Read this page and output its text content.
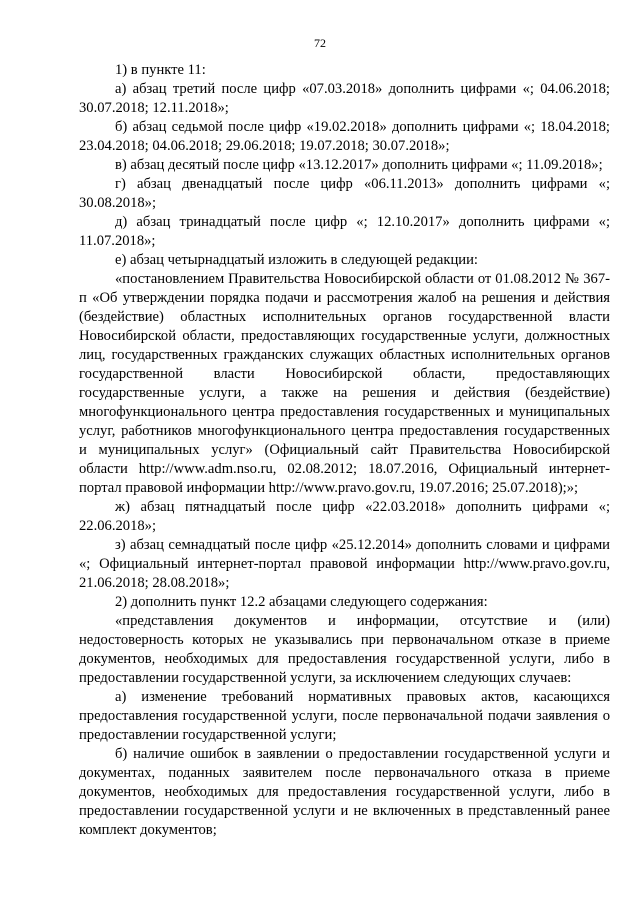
72

1) в пункте 11:

а) абзац третий после цифр «07.03.2018» дополнить цифрами «; 04.06.2018; 30.07.2018; 12.11.2018»;

б) абзац седьмой после цифр «19.02.2018» дополнить цифрами «; 18.04.2018; 23.04.2018; 04.06.2018; 29.06.2018; 19.07.2018; 30.07.2018»;

в) абзац десятый после цифр «13.12.2017» дополнить цифрами «; 11.09.2018»;

г) абзац двенадцатый после цифр «06.11.2013» дополнить цифрами «; 30.08.2018»;

д) абзац тринадцатый после цифр «; 12.10.2017» дополнить цифрами «; 11.07.2018»;

е) абзац четырнадцатый изложить в следующей редакции:

«постановлением Правительства Новосибирской области от 01.08.2012 № 367-п «Об утверждении порядка подачи и рассмотрения жалоб на решения и действия (бездействие) областных исполнительных органов государственной власти Новосибирской области, предоставляющих государственные услуги, должностных лиц, государственных гражданских служащих областных исполнительных органов государственной власти Новосибирской области, предоставляющих государственные услуги, а также на решения и действия (бездействие) многофункционального центра предоставления государственных и муниципальных услуг, работников многофункционального центра предоставления государственных и муниципальных услуг» (Официальный сайт Правительства Новосибирской области http://www.adm.nso.ru, 02.08.2012; 18.07.2016, Официальный интернет-портал правовой информации http://www.pravo.gov.ru, 19.07.2016; 25.07.2018);»;

ж) абзац пятнадцатый после цифр «22.03.2018» дополнить цифрами «; 22.06.2018»;

з) абзац семнадцатый после цифр «25.12.2014» дополнить словами и цифрами «; Официальный интернет-портал правовой информации http://www.pravo.gov.ru, 21.06.2018; 28.08.2018»;

2) дополнить пункт 12.2 абзацами следующего содержания:

«представления документов и информации, отсутствие и (или) недостоверность которых не указывались при первоначальном отказе в приеме документов, необходимых для предоставления государственной услуги, либо в предоставлении государственной услуги, за исключением следующих случаев:

а) изменение требований нормативных правовых актов, касающихся предоставления государственной услуги, после первоначальной подачи заявления о предоставлении государственной услуги;

б) наличие ошибок в заявлении о предоставлении государственной услуги и документах, поданных заявителем после первоначального отказа в приеме документов, необходимых для предоставления государственной услуги, либо в предоставлении государственной услуги и не включенных в представленный ранее комплект документов;
